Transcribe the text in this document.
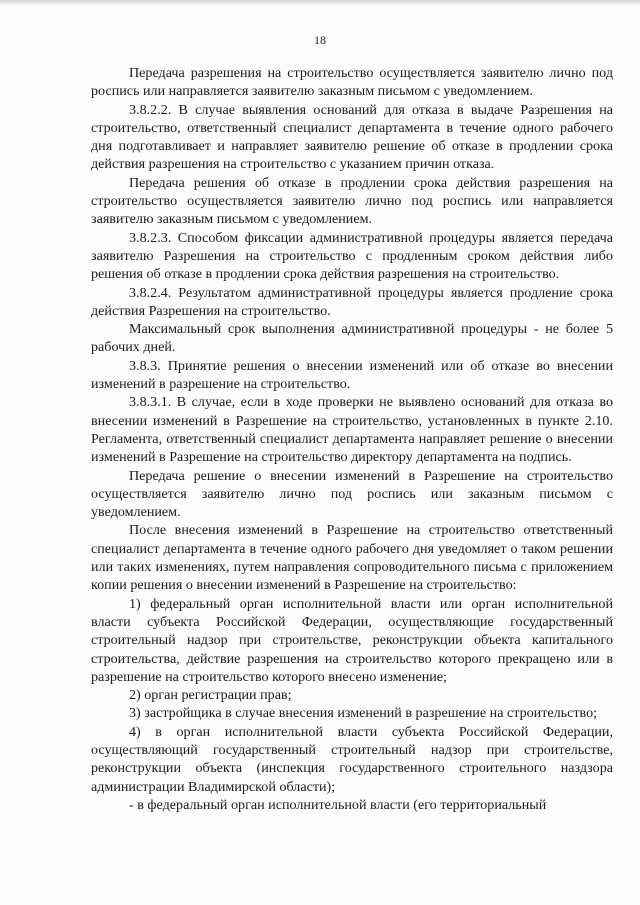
18

Передача разрешения на строительство осуществляется заявителю лично под роспись или направляется заявителю заказным письмом с уведомлением.

3.8.2.2. В случае выявления оснований для отказа в выдаче Разрешения на строительство, ответственный специалист департамента в течение одного рабочего дня подготавливает и направляет заявителю решение об отказе в продлении срока действия разрешения на строительство с указанием причин отказа.

Передача решения об отказе в продлении срока действия разрешения на строительство осуществляется заявителю лично под роспись или направляется заявителю заказным письмом с уведомлением.

3.8.2.3. Способом фиксации административной процедуры является передача заявителю Разрешения на строительство с продленным сроком действия либо решения об отказе в продлении срока действия разрешения на строительство.

3.8.2.4. Результатом административной процедуры является продление срока действия Разрешения на строительство.

Максимальный срок выполнения административной процедуры - не более 5 рабочих дней.

3.8.3. Принятие решения о внесении изменений или об отказе во внесении изменений в разрешение на строительство.

3.8.3.1. В случае, если в ходе проверки не выявлено оснований для отказа во внесении изменений в Разрешение на строительство, установленных в пункте 2.10. Регламента, ответственный специалист департамента направляет решение о внесении изменений в Разрешение на строительство директору департамента на подпись.

Передача решение о внесении изменений в Разрешение на строительство осуществляется заявителю лично под роспись или заказным письмом с уведомлением.

После внесения изменений в Разрешение на строительство ответственный специалист департамента в течение одного рабочего дня уведомляет о таком решении или таких изменениях, путем направления сопроводительного письма с приложением копии решения о внесении изменений в Разрешение на строительство:

1) федеральный орган исполнительной власти или орган исполнительной власти субъекта Российской Федерации, осуществляющие государственный строительный надзор при строительстве, реконструкции объекта капитального строительства, действие разрешения на строительство которого прекращено или в разрешение на строительство которого внесено изменение;

2) орган регистрации прав;

3) застройщика в случае внесения изменений в разрешение на строительство;

4) в орган исполнительной власти субъекта Российской Федерации, осуществляющий государственный строительный надзор при строительстве, реконструкции объекта (инспекция государственного строительного наздзора администрации Владимирской области);

- в федеральный орган исполнительной власти (его территориальный
